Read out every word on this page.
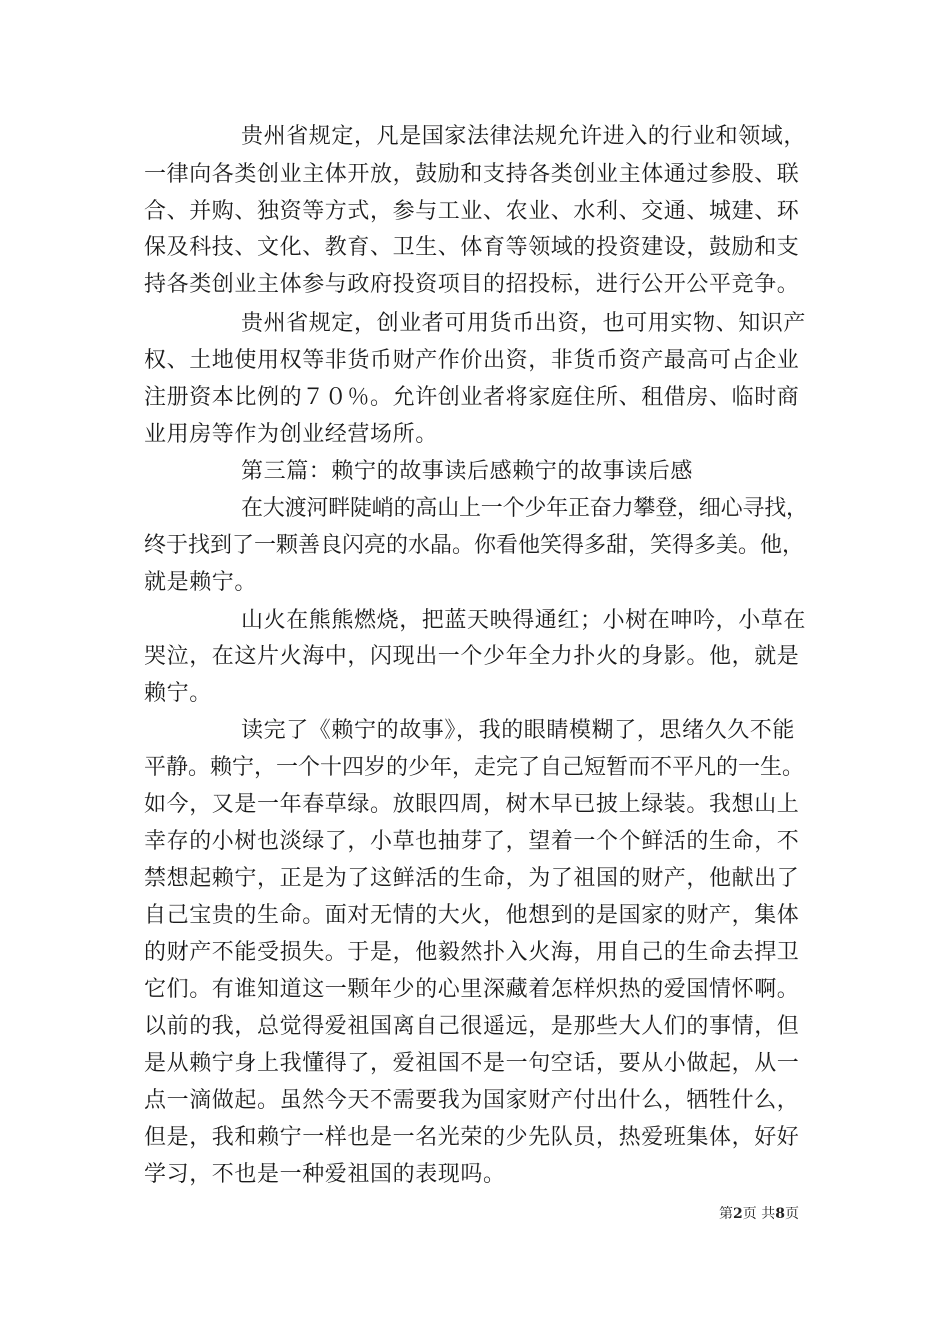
贵州省规定，凡是国家法律法规允许进入的行业和领域，
一律向各类创业主体开放，鼓励和支持各类创业主体通过参股、联
合、并购、独资等方式，参与工业、农业、水利、交通、城建、环
保及科技、文化、教育、卫生、体育等领域的投资建设，鼓励和支
持各类创业主体参与政府投资项目的招投标，进行公开公平竞争。
贵州省规定，创业者可用货币出资，也可用实物、知识产
权、土地使用权等非货币财产作价出资，非货币资产最高可占企业
注册资本比例的７０％。允许创业者将家庭住所、租借房、临时商
业用房等作为创业经营场所。
第三篇：赖宁的故事读后感赖宁的故事读后感
在大渡河畔陡峭的高山上一个少年正奋力攀登，细心寻找，
终于找到了一颗善良闪亮的水晶。你看他笑得多甜，笑得多美。他，
就是赖宁。
山火在熊熊燃烧，把蓝天映得通红；小树在呻吟，小草在
哭泣，在这片火海中，闪现出一个少年全力扑火的身影。他，就是
赖宁。
读完了《赖宁的故事》，我的眼睛模糊了，思绪久久不能
平静。赖宁，一个十四岁的少年，走完了自己短暂而不平凡的一生。
如今，又是一年春草绿。放眼四周，树木早已披上绿装。我想山上
幸存的小树也淡绿了，小草也抽芽了，望着一个个鲜活的生命，不
禁想起赖宁，正是为了这鲜活的生命，为了祖国的财产，他献出了
自己宝贵的生命。面对无情的大火，他想到的是国家的财产，集体
的财产不能受损失。于是，他毅然扑入火海，用自己的生命去捍卫
它们。有谁知道这一颗年少的心里深藏着怎样炽热的爱国情怀啊。
以前的我，总觉得爱祖国离自己很遥远，是那些大人们的事情，但
是从赖宁身上我懂得了，爱祖国不是一句空话，要从小做起，从一
点一滴做起。虽然今天不需要我为国家财产付出什么，牺牲什么，
但是，我和赖宁一样也是一名光荣的少先队员，热爱班集体，好好
学习，不也是一种爱祖国的表现吗。
第2页 共8页
